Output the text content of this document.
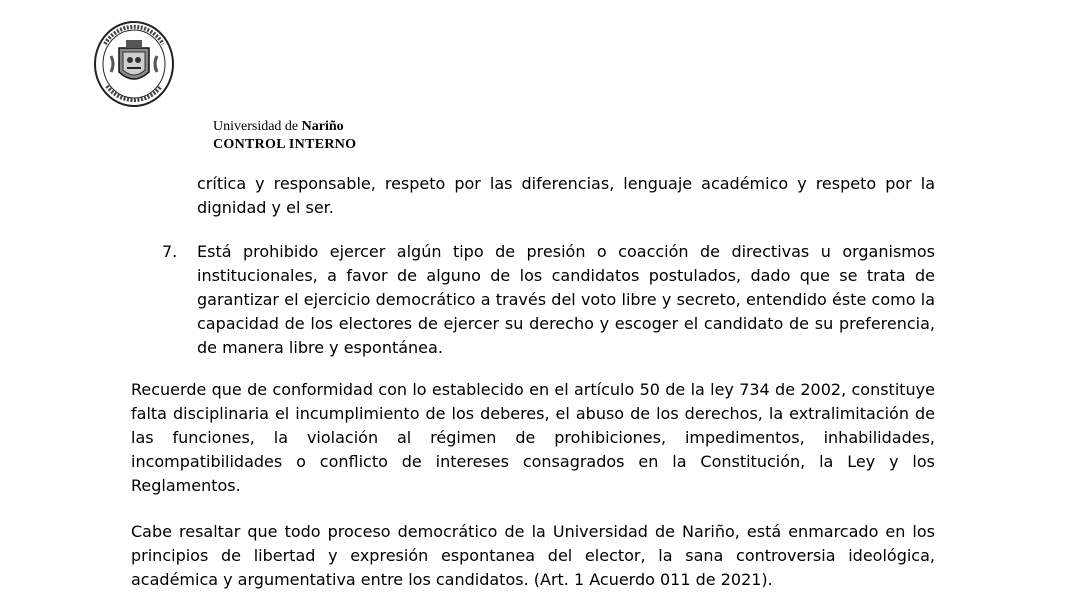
Universidad de Nariño
CONTROL INTERNO

crítica y responsable, respeto por las diferencias, lenguaje académico y respeto por la dignidad y el ser.

7. Está prohibido ejercer algún tipo de presión o coacción de directivas u organismos institucionales, a favor de alguno de los candidatos postulados, dado que se trata de garantizar el ejercicio democrático a través del voto libre y secreto, entendido éste como la capacidad de los electores de ejercer su derecho y escoger el candidato de su preferencia, de manera libre y espontánea.

Recuerde que de conformidad con lo establecido en el artículo 50 de la ley 734 de 2002, constituye falta disciplinaria el incumplimiento de los deberes, el abuso de los derechos, la extralimitación de las funciones, la violación al régimen de prohibiciones, impedimentos, inhabilidades, incompatibilidades o conflicto de intereses consagrados en la Constitución, la Ley y los Reglamentos.

Cabe resaltar que todo proceso democrático de la Universidad de Nariño, está enmarcado en los principios de libertad y expresión espontanea del elector, la sana controversia ideológica, académica y argumentativa entre los candidatos. (Art. 1 Acuerdo 011 de 2021).
